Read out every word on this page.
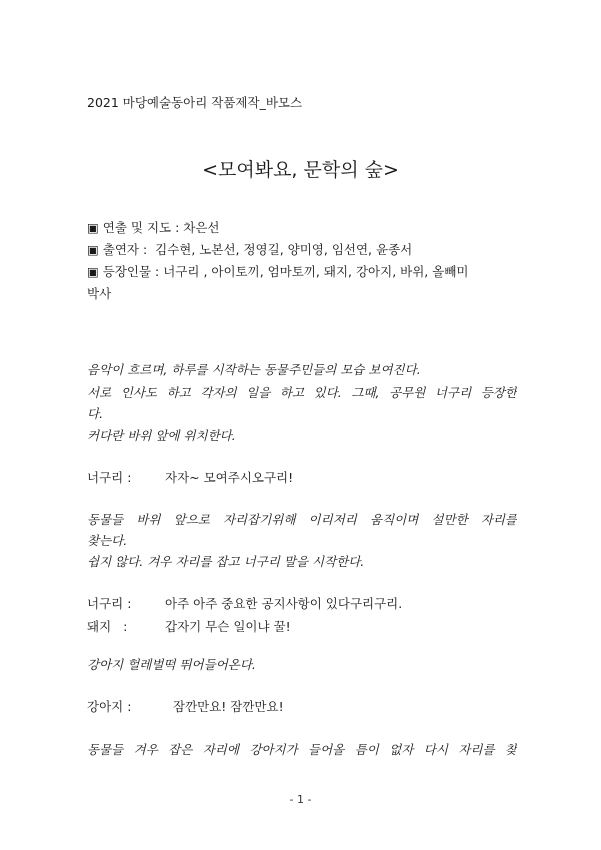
2021 마당예술동아리 작품제작_바모스
<모여봐요, 문학의 숲>
▣ 연출 및 지도 : 차은선
▣ 출연자 :  김수현, 노본선, 정영길, 양미영, 임선연, 윤종서
▣ 등장인물 : 너구리 , 아이토끼, 엄마토끼, 돼지, 강아지, 바위, 올빼미
박사
음악이 흐르며, 하루를 시작하는 동물주민들의 모습 보여진다.
서로 인사도 하고 각자의 일을 하고 있다. 그때, 공무원 너구리 등장한
다.
커다란 바위 앞에 위치한다.
너구리 :	자자~ 모여주시오구리!
동물들 바위 앞으로 자리잡기위해 이리저리 움직이며 설만한 자리를
찾는다.
쉽지 않다. 겨우 자리를 잡고 너구리 말을 시작한다.
너구리 :	아주 아주 중요한 공지사항이 있다구리구리.
돼지   :	갑자기 무슨 일이냐 꿀!
강아지 헐레벌떡 뛰어들어온다.
강아지 :	잠깐만요! 잠깐만요!
동물들 겨우 잡은 자리에 강아지가 들어올 틈이 없자 다시 자리를 찾
- 1 -
